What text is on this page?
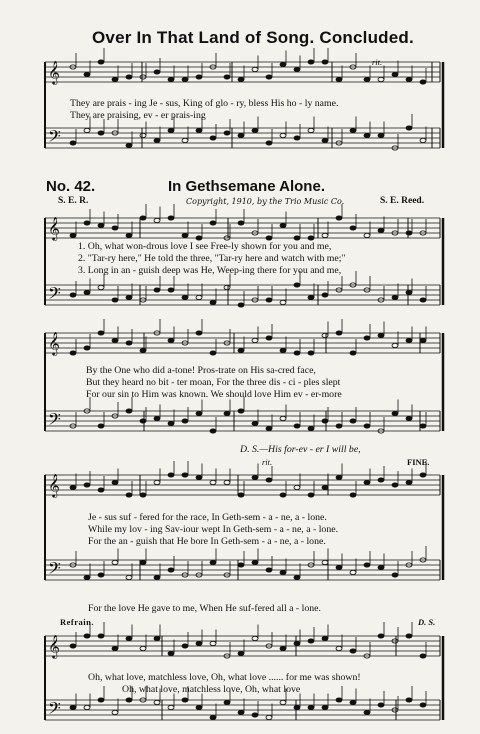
𝄞
𝄢
𝄞
𝄢
𝄞
𝄢
𝄞
𝄢
𝄞
𝄢
Over In That Land of Song. Concluded.
rit.
They are prais - ing Je - sus, King of glo - ry, bless His ho - ly name.
They are praising, ev - er prais-ing
No. 42.	In Gethsemane Alone.
S. E. R.	Copyright, 1910, by the Trio Music Co.	S. E. Reed.
1. Oh, what won-drous love I see Free-ly shown for you and me,
2. "Tar-ry here," He told the three, "Tar-ry here and watch with me;"
3. Long in an - guish deep was He, Weep-ing there for you and me,
By the One who did a-tone! Pros-trate on His sa-cred face,
But they heard no bit - ter moan, For the three dis - ci - ples slept
For our sin to Him was known. We should love Him ev - er-more
D. S.—His for-ev - er I will be,
rit.	FINE.
Je - sus suf - fered for the race, In Geth-sem - a - ne, a - lone.
While my lov - ing Sav-iour wept In Geth-sem - a - ne, a - lone.
For the an - guish that He bore In Geth-sem - a - ne, a - lone.
For the love He gave to me, When He suf-fered all a - lone.
Refrain.	D. S.
Oh, what love, matchless love, Oh, what love ...... for me was shown!
Oh, what love, matchless love, Oh, what love
